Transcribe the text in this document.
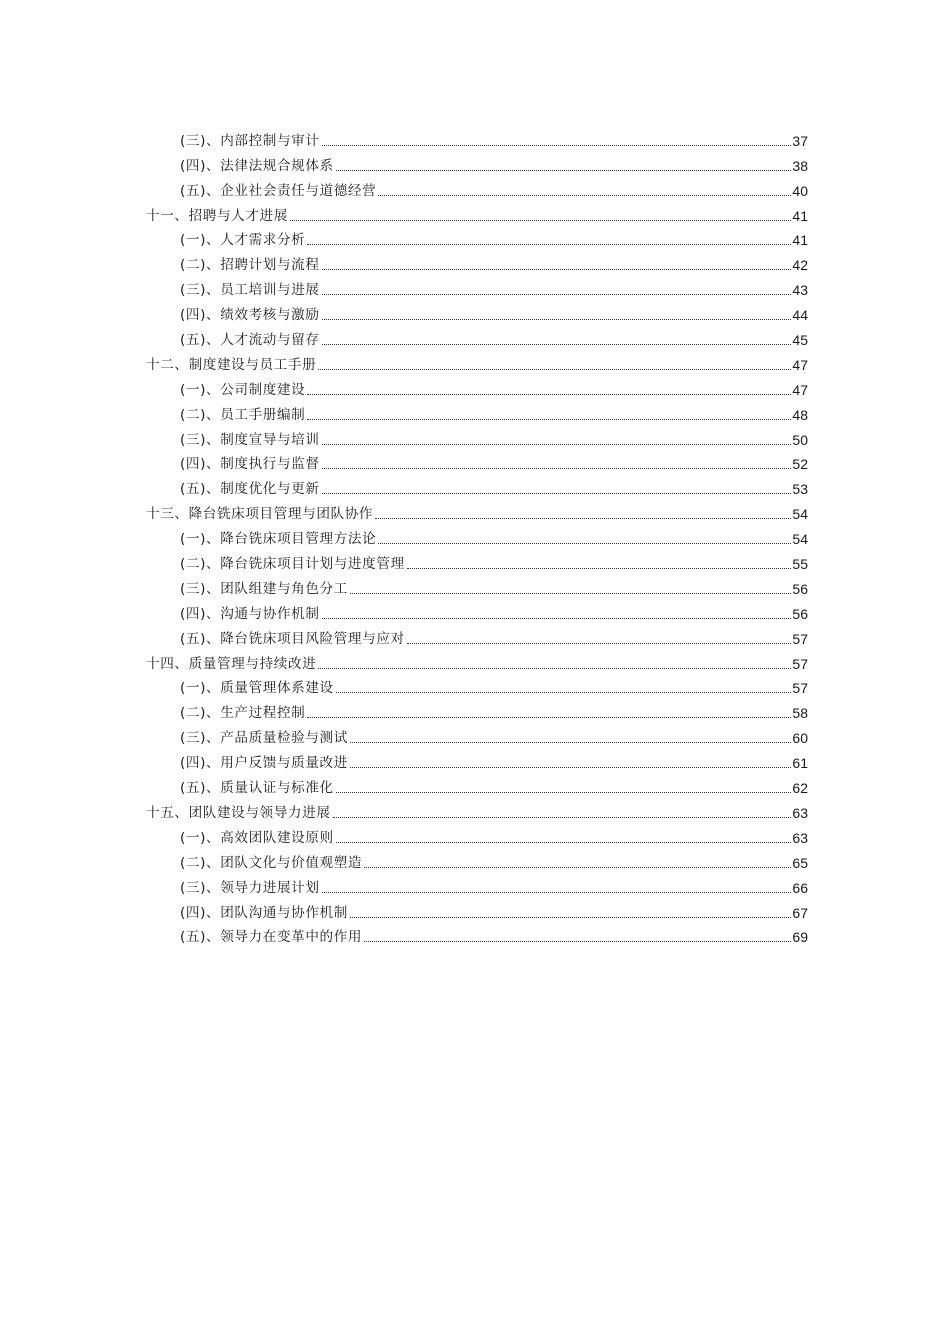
(三)、内部控制与审计	37
(四)、法律法规合规体系	38
(五)、企业社会责任与道德经营	40
十一、招聘与人才进展	41
(一)、人才需求分析	41
(二)、招聘计划与流程	42
(三)、员工培训与进展	43
(四)、绩效考核与激励	44
(五)、人才流动与留存	45
十二、制度建设与员工手册	47
(一)、公司制度建设	47
(二)、员工手册编制	48
(三)、制度宣导与培训	50
(四)、制度执行与监督	52
(五)、制度优化与更新	53
十三、降台铣床项目管理与团队协作	54
(一)、降台铣床项目管理方法论	54
(二)、降台铣床项目计划与进度管理	55
(三)、团队组建与角色分工	56
(四)、沟通与协作机制	56
(五)、降台铣床项目风险管理与应对	57
十四、质量管理与持续改进	57
(一)、质量管理体系建设	57
(二)、生产过程控制	58
(三)、产品质量检验与测试	60
(四)、用户反馈与质量改进	61
(五)、质量认证与标准化	62
十五、团队建设与领导力进展	63
(一)、高效团队建设原则	63
(二)、团队文化与价值观塑造	65
(三)、领导力进展计划	66
(四)、团队沟通与协作机制	67
(五)、领导力在变革中的作用	69
